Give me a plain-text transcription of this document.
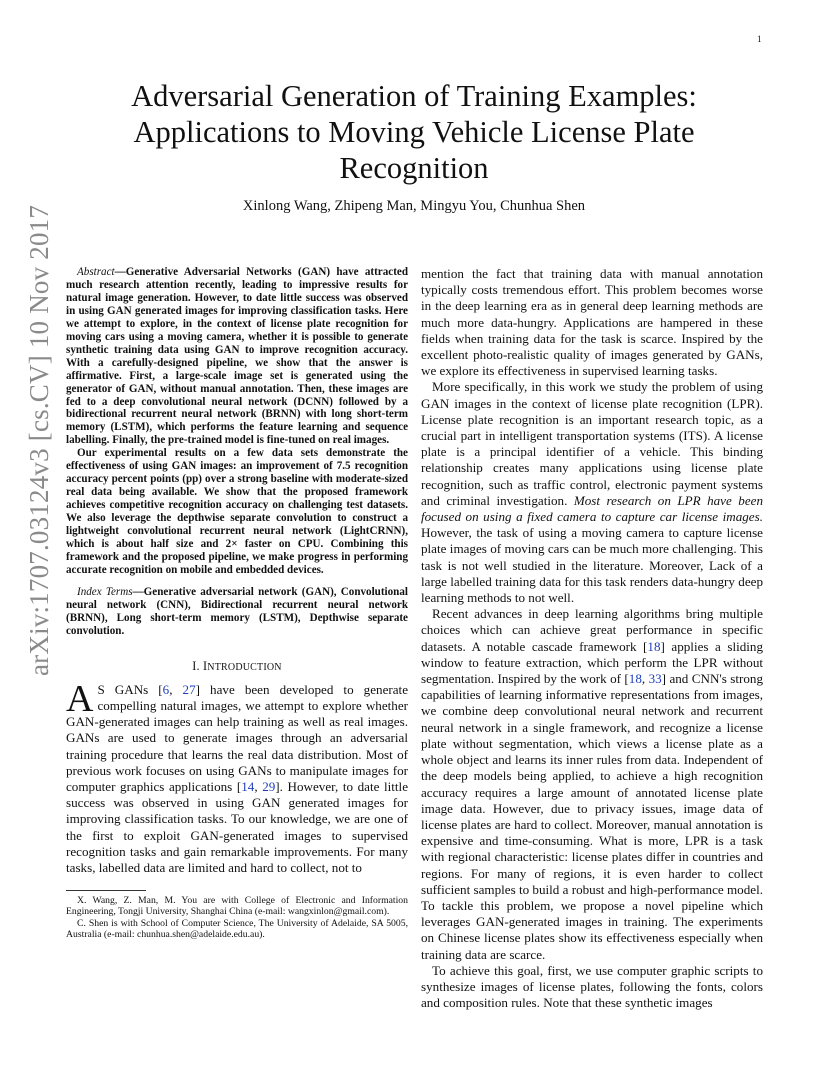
1
arXiv:1707.03124v3 [cs.CV] 10 Nov 2017
Adversarial Generation of Training Examples: Applications to Moving Vehicle License Plate Recognition
Xinlong Wang, Zhipeng Man, Mingyu You, Chunhua Shen

Abstract—Generative Adversarial Networks (GAN) have attracted much research attention recently, leading to impressive results for natural image generation. However, to date little success was observed in using GAN generated images for improving classification tasks. Here we attempt to explore, in the context of license plate recognition for moving cars using a moving camera, whether it is possible to generate synthetic training data using GAN to improve recognition accuracy. With a carefully-designed pipeline, we show that the answer is affirmative. First, a large-scale image set is generated using the generator of GAN, without manual annotation. Then, these images are fed to a deep convolutional neural network (DCNN) followed by a bidirectional recurrent neural network (BRNN) with long short-term memory (LSTM), which performs the feature learning and sequence labelling. Finally, the pre-trained model is fine-tuned on real images.

Our experimental results on a few data sets demonstrate the effectiveness of using GAN images: an improvement of 7.5 recognition accuracy percent points (pp) over a strong baseline with moderate-sized real data being available. We show that the proposed framework achieves competitive recognition accuracy on challenging test datasets. We also leverage the depthwise separate convolution to construct a lightweight convolutional recurrent neural network (LightCRNN), which is about half size and 2× faster on CPU. Combining this framework and the proposed pipeline, we make progress in performing accurate recognition on mobile and embedded devices.

Index Terms—Generative adversarial network (GAN), Convolutional neural network (CNN), Bidirectional recurrent neural network (BRNN), Long short-term memory (LSTM), Depthwise separate convolution.

I. INTRODUCTION

A S GANs [6, 27] have been developed to generate compelling natural images, we attempt to explore whether GAN-generated images can help training as well as real images. GANs are used to generate images through an adversarial training procedure that learns the real data distribution. Most of previous work focuses on using GANs to manipulate images for computer graphics applications [14, 29]. However, to date little success was observed in using GAN generated images for improving classification tasks. To our knowledge, we are one of the first to exploit GAN-generated images to supervised recognition tasks and gain remarkable improvements. For many tasks, labelled data are limited and hard to collect, not to

X. Wang, Z. Man, M. You are with College of Electronic and Information Engineering, Tongji University, Shanghai China (e-mail: wangxinlon@gmail.com).

C. Shen is with School of Computer Science, The University of Adelaide, SA 5005, Australia (e-mail: chunhua.shen@adelaide.edu.au).

mention the fact that training data with manual annotation typically costs tremendous effort. This problem becomes worse in the deep learning era as in general deep learning methods are much more data-hungry. Applications are hampered in these fields when training data for the task is scarce. Inspired by the excellent photo-realistic quality of images generated by GANs, we explore its effectiveness in supervised learning tasks.

More specifically, in this work we study the problem of using GAN images in the context of license plate recognition (LPR). License plate recognition is an important research topic, as a crucial part in intelligent transportation systems (ITS). A license plate is a principal identifier of a vehicle. This binding relationship creates many applications using license plate recognition, such as traffic control, electronic payment systems and criminal investigation. Most research on LPR have been focused on using a fixed camera to capture car license images. However, the task of using a moving camera to capture license plate images of moving cars can be much more challenging. This task is not well studied in the literature. Moreover, Lack of a large labelled training data for this task renders data-hungry deep learning methods to not well.

Recent advances in deep learning algorithms bring multiple choices which can achieve great performance in specific datasets. A notable cascade framework [18] applies a sliding window to feature extraction, which perform the LPR without segmentation. Inspired by the work of [18, 33] and CNN's strong capabilities of learning informative representations from images, we combine deep convolutional neural network and recurrent neural network in a single framework, and recognize a license plate without segmentation, which views a license plate as a whole object and learns its inner rules from data. Independent of the deep models being applied, to achieve a high recognition accuracy requires a large amount of annotated license plate image data. However, due to privacy issues, image data of license plates are hard to collect. Moreover, manual annotation is expensive and time-consuming. What is more, LPR is a task with regional characteristic: license plates differ in countries and regions. For many of regions, it is even harder to collect sufficient samples to build a robust and high-performance model. To tackle this problem, we propose a novel pipeline which leverages GAN-generated images in training. The experiments on Chinese license plates show its effectiveness especially when training data are scarce.

To achieve this goal, first, we use computer graphic scripts to synthesize images of license plates, following the fonts, colors and composition rules. Note that these synthetic images
